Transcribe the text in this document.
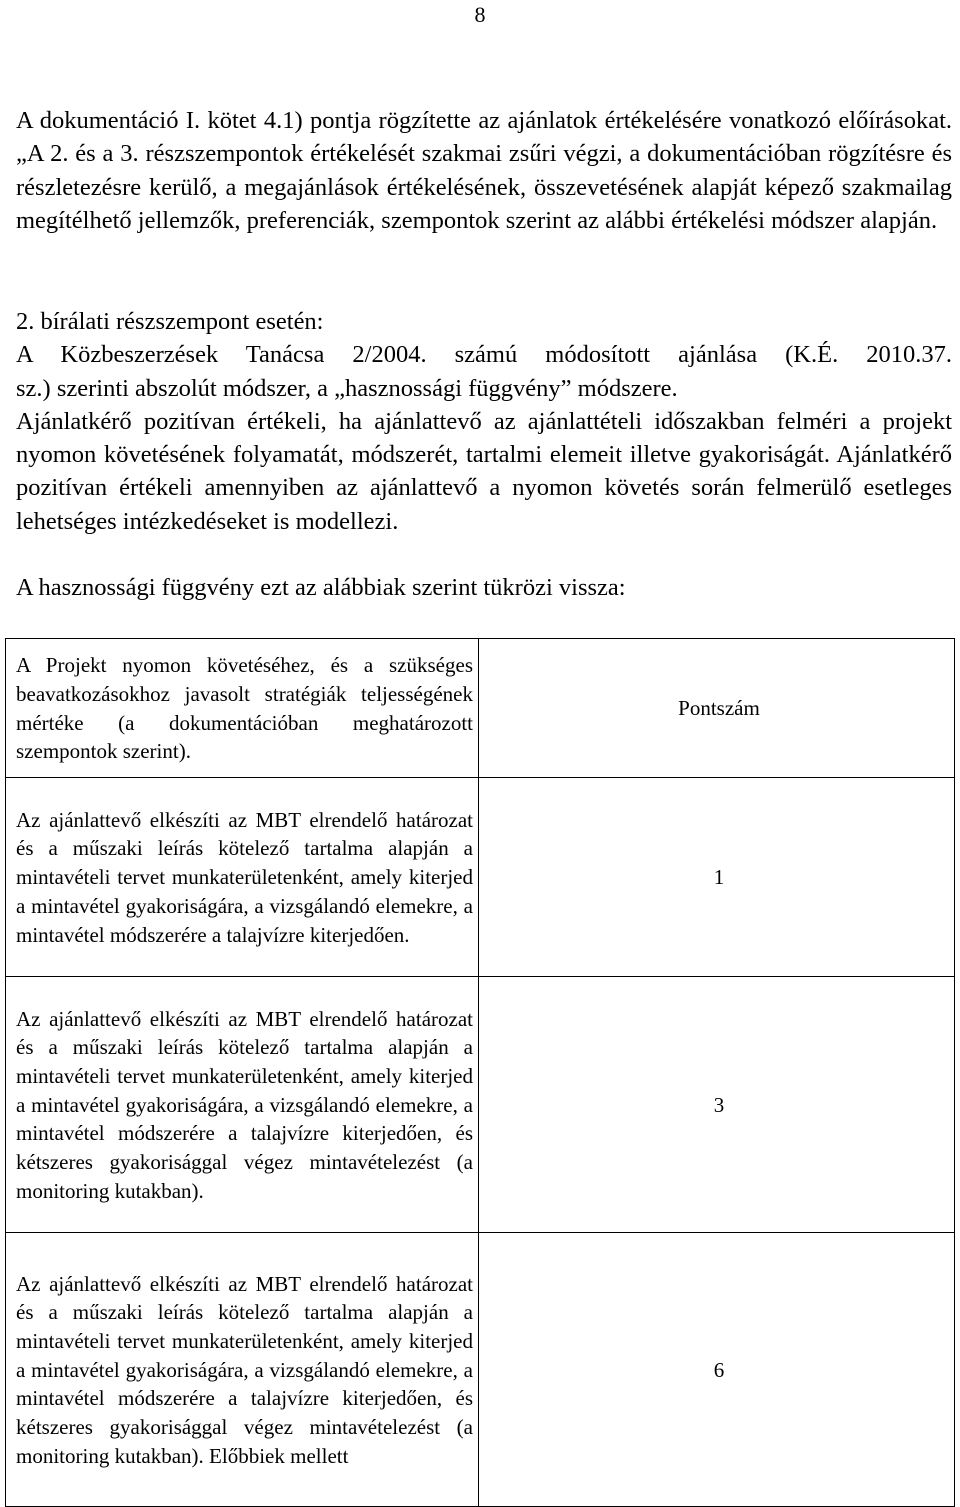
8

A dokumentáció I. kötet 4.1) pontja rögzítette az ajánlatok értékelésére vonatkozó előírásokat. „A 2. és a 3. részszempontok értékelését szakmai zsűri végzi, a dokumentációban rögzítésre és részletezésre kerülő, a megajánlások értékelésének, összevetésének alapját képező szakmailag megítélhető jellemzők, preferenciák, szempontok szerint az alábbi értékelési módszer alapján.

2. bírálati részszempont esetén:
A Közbeszerzések Tanácsa 2/2004. számú módosított ajánlása (K.É. 2010.37.
sz.) szerinti abszolút módszer, a „hasznossági függvény” módszere.
Ajánlatkérő pozitívan értékeli, ha ajánlattevő az ajánlattételi időszakban felméri a projekt nyomon követésének folyamatát, módszerét, tartalmi elemeit illetve gyakoriságát. Ajánlatkérő pozitívan értékeli amennyiben az ajánlattevő a nyomon követés során felmerülő esetleges lehetséges intézkedéseket is modellezi.

A hasznossági függvény ezt az alábbiak szerint tükrözi vissza:

A Projekt nyomon követéséhez, és a szükséges beavatkozásokhoz javasolt stratégiák teljességének mértéke (a dokumentációban meghatározott szempontok szerint).	Pontszám
Az ajánlattevő elkészíti az MBT elrendelő határozat és a műszaki leírás kötelező tartalma alapján a mintavételi tervet munkaterületenként, amely kiterjed a mintavétel gyakoriságára, a vizsgálandó elemekre, a mintavétel módszerére a talajvízre kiterjedően.	1
Az ajánlattevő elkészíti az MBT elrendelő határozat és a műszaki leírás kötelező tartalma alapján a mintavételi tervet munkaterületenként, amely kiterjed a mintavétel gyakoriságára, a vizsgálandó elemekre, a mintavétel módszerére a talajvízre kiterjedően, és kétszeres gyakorisággal végez mintavételezést (a monitoring kutakban).	3
Az ajánlattevő elkészíti az MBT elrendelő határozat és a műszaki leírás kötelező tartalma alapján a mintavételi tervet munkaterületenként, amely kiterjed a mintavétel gyakoriságára, a vizsgálandó elemekre, a mintavétel módszerére a talajvízre kiterjedően, és kétszeres gyakorisággal végez mintavételezést (a monitoring kutakban). Előbbiek mellett	6
